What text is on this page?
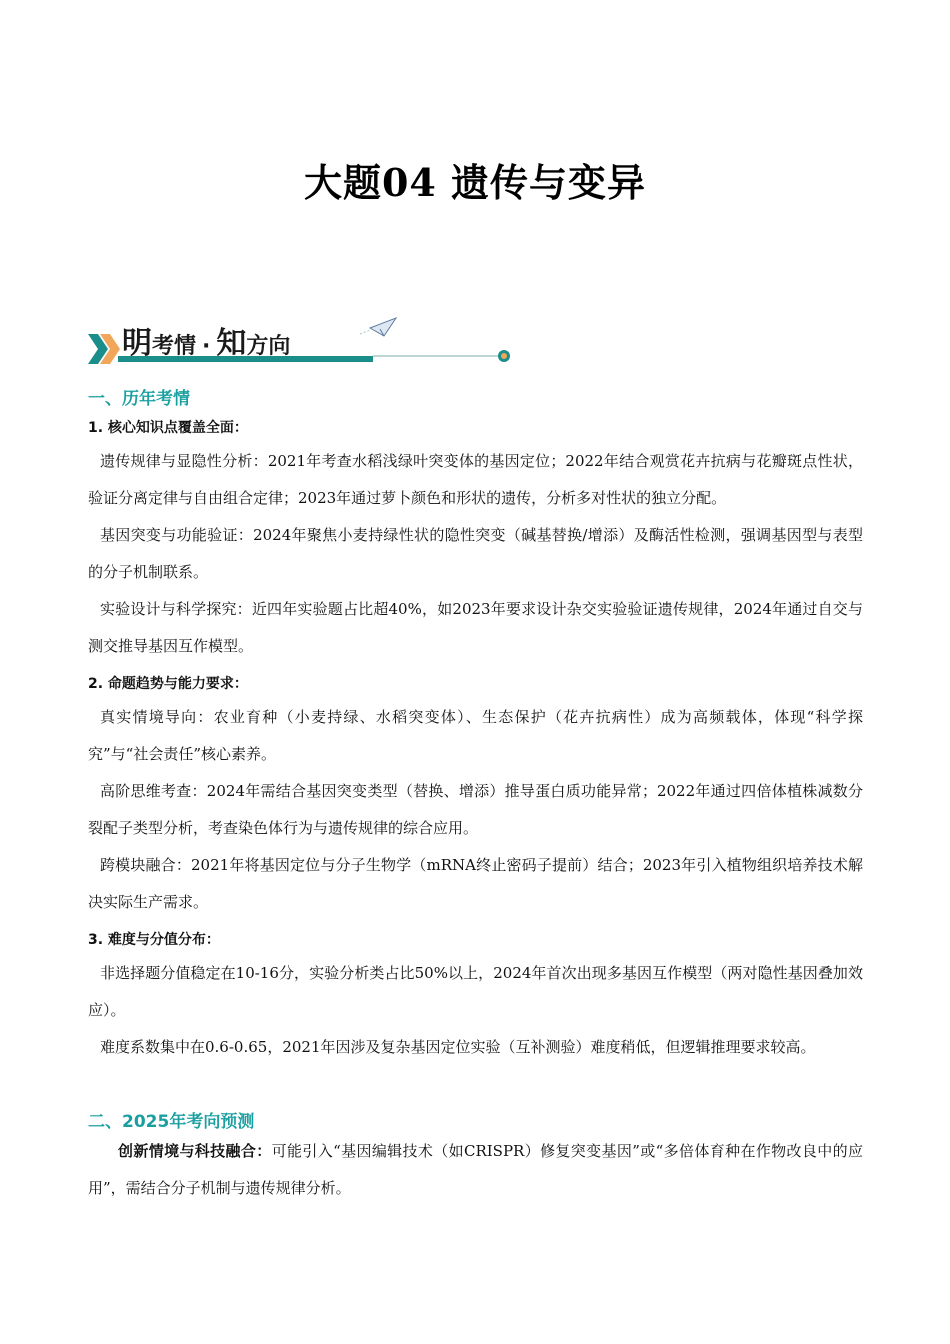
大题04 遗传与变异
明考情 · 知方向
一、历年考情
1. 核心知识点覆盖全面：
遗传规律与显隐性分析：2021年考查水稻浅绿叶突变体的基因定位；2022年结合观赏花卉抗病与花瓣斑点性状，验证分离定律与自由组合定律；2023年通过萝卜颜色和形状的遗传，分析多对性状的独立分配。
基因突变与功能验证：2024年聚焦小麦持绿性状的隐性突变（碱基替换/增添）及酶活性检测，强调基因型与表型的分子机制联系。
实验设计与科学探究：近四年实验题占比超40%，如2023年要求设计杂交实验验证遗传规律，2024年通过自交与测交推导基因互作模型。
2. 命题趋势与能力要求：
真实情境导向：农业育种（小麦持绿、水稻突变体）、生态保护（花卉抗病性）成为高频载体，体现“科学探究”与“社会责任”核心素养。
高阶思维考查：2024年需结合基因突变类型（替换、增添）推导蛋白质功能异常；2022年通过四倍体植株减数分裂配子类型分析，考查染色体行为与遗传规律的综合应用。
跨模块融合：2021年将基因定位与分子生物学（mRNA终止密码子提前）结合；2023年引入植物组织培养技术解决实际生产需求。
3. 难度与分值分布：
非选择题分值稳定在10-16分，实验分析类占比50%以上，2024年首次出现多基因互作模型（两对隐性基因叠加效应）。
难度系数集中在0.6-0.65，2021年因涉及复杂基因定位实验（互补测验）难度稍低，但逻辑推理要求较高。
二、2025年考向预测
创新情境与科技融合：可能引入“基因编辑技术（如CRISPR）修复突变基因”或“多倍体育种在作物改良中的应用”，需结合分子机制与遗传规律分析。
